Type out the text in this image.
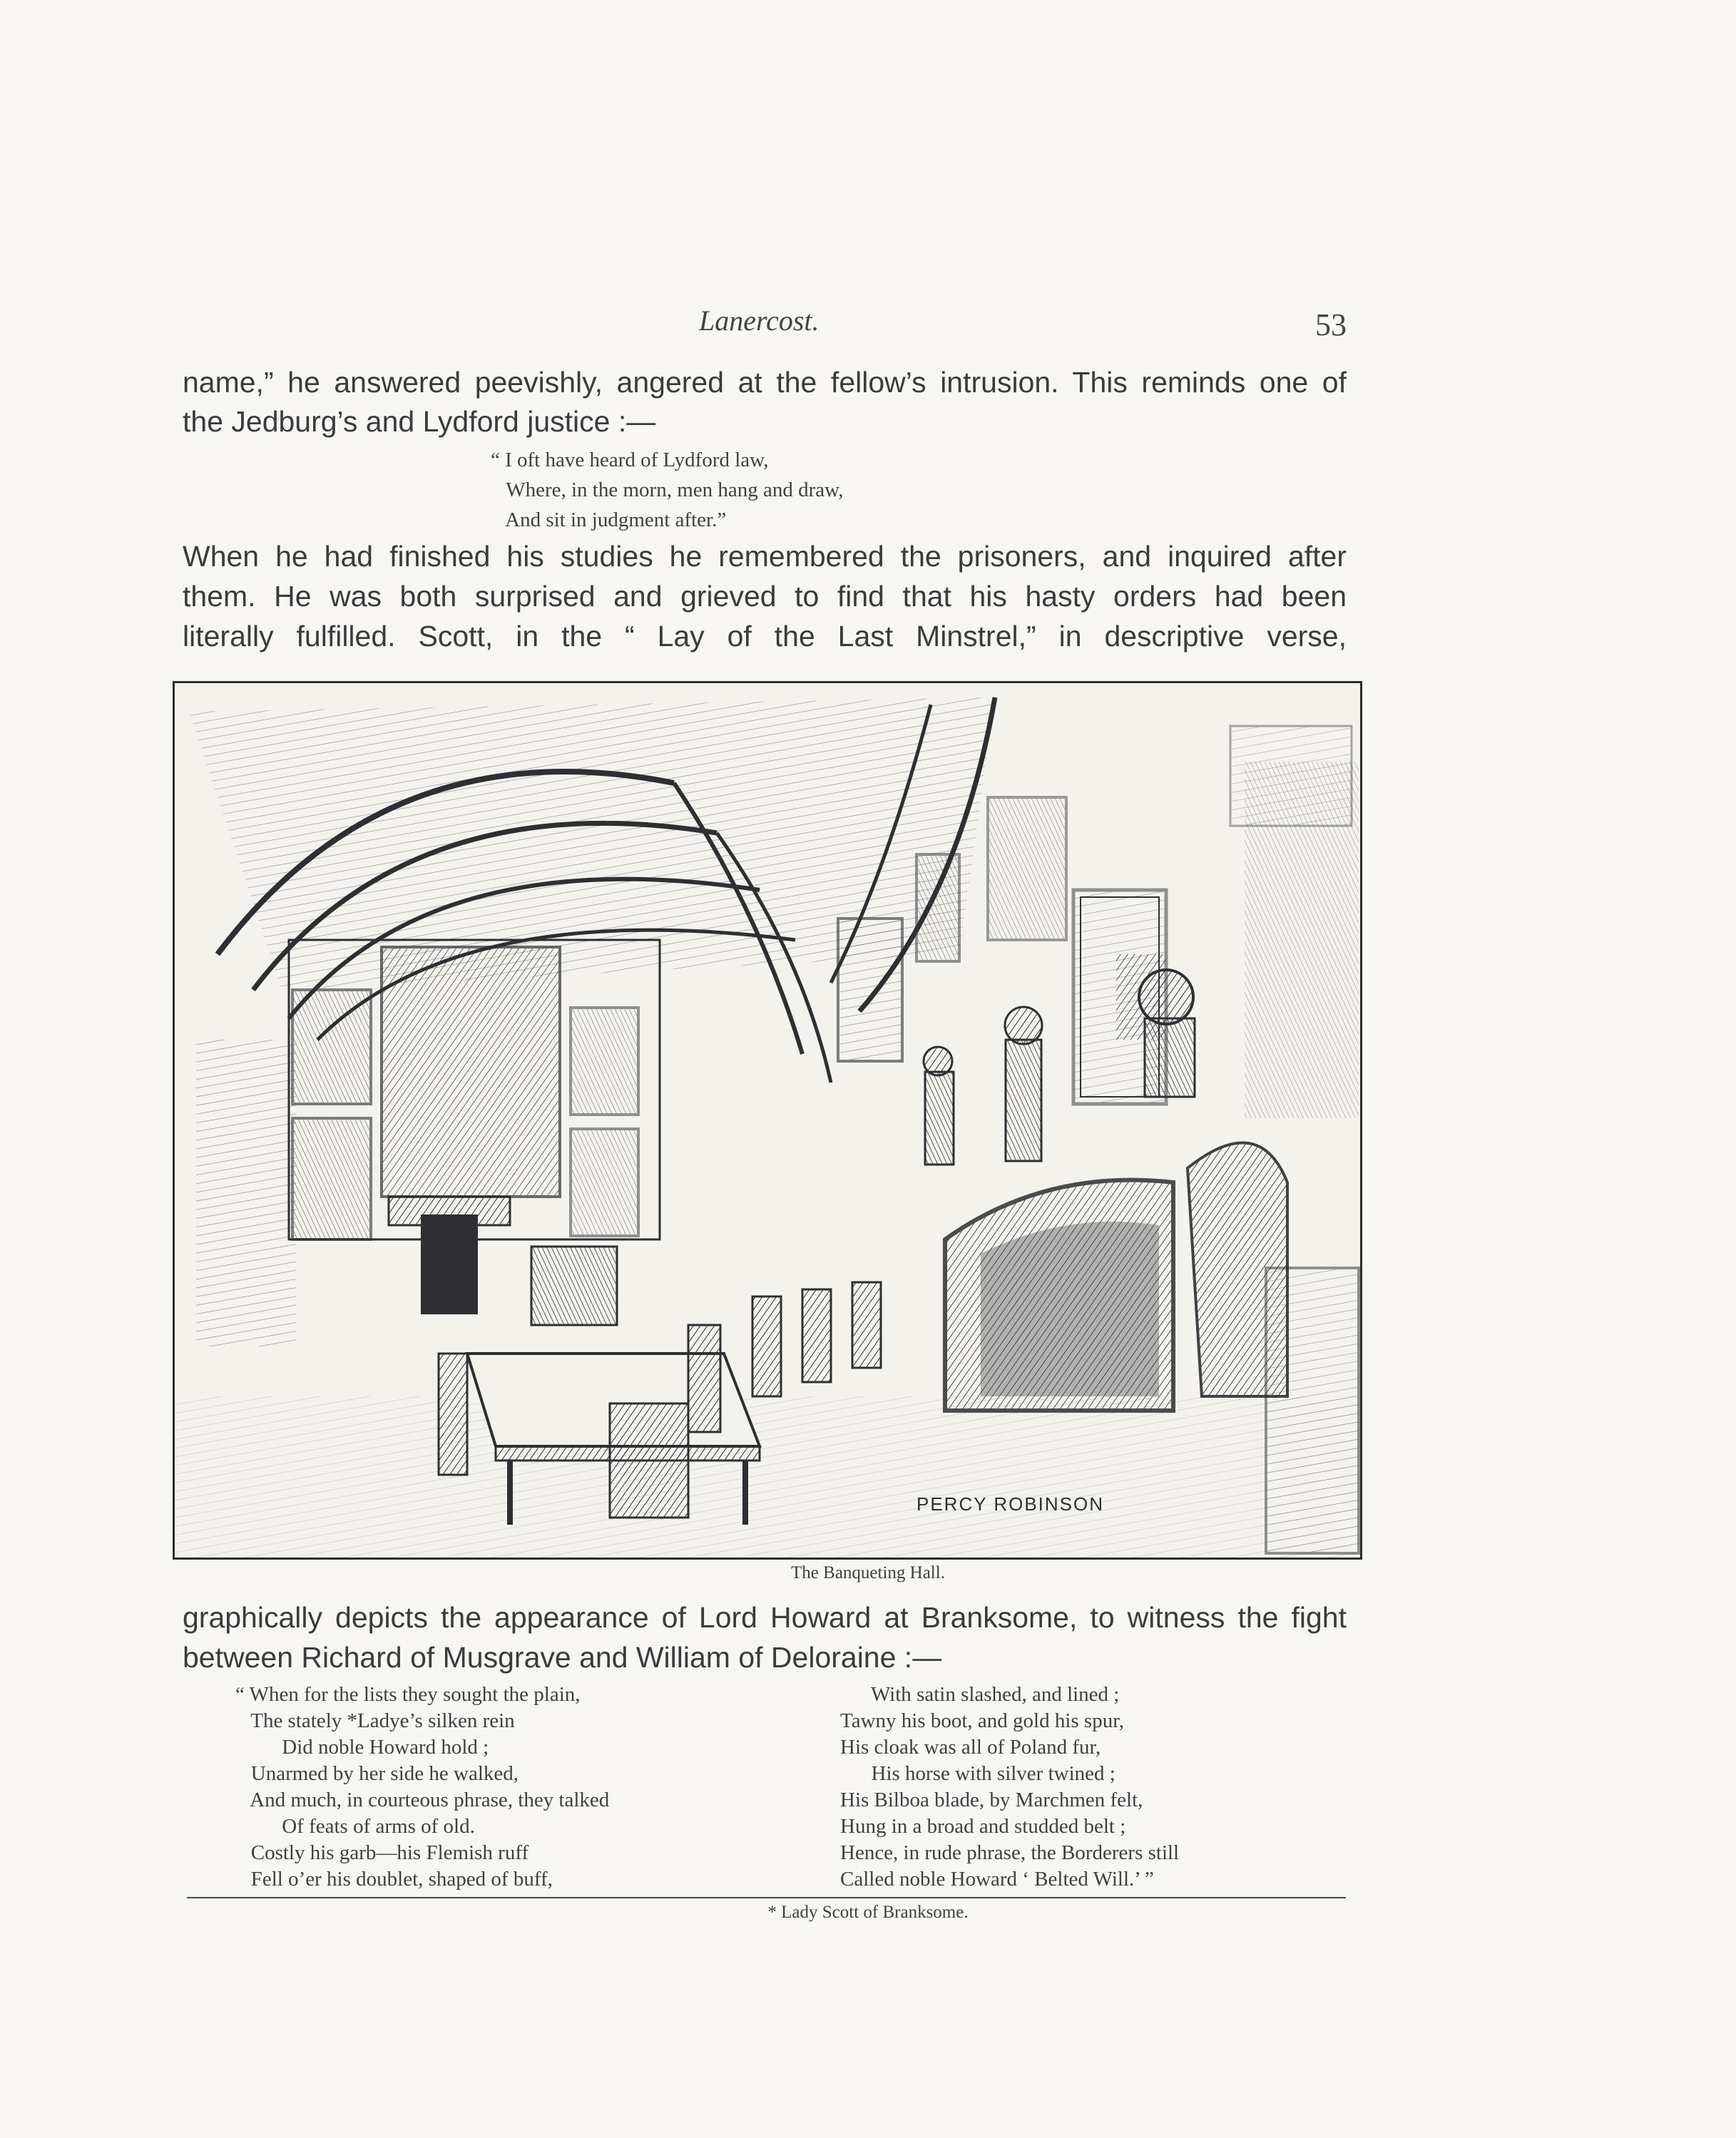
Lanercost.	53
name,” he answered peevishly, angered at the fellow’s intrusion. This reminds one of
the Jedburg’s and Lydford justice :—
“ I oft have heard of Lydford law,
Where, in the morn, men hang and draw,
And sit in judgment after.”
When he had finished his studies he remembered the prisoners, and inquired after
them. He was both surprised and grieved to find that his hasty orders had been
literally fulfilled. Scott, in the “ Lay of the Last Minstrel,” in descriptive verse,
PERCY ROBINSON
The Banqueting Hall.
graphically depicts the appearance of Lord Howard at Branksome, to witness the fight
between Richard of Musgrave and William of Deloraine :—
“ When for the lists they sought the plain,
The stately *Ladye’s silken rein
Did noble Howard hold ;
Unarmed by her side he walked,
And much, in courteous phrase, they talked
Of feats of arms of old.
Costly his garb—his Flemish ruff
Fell o’er his doublet, shaped of buff,
With satin slashed, and lined ;
Tawny his boot, and gold his spur,
His cloak was all of Poland fur,
His horse with silver twined ;
His Bilboa blade, by Marchmen felt,
Hung in a broad and studded belt ;
Hence, in rude phrase, the Borderers still
Called noble Howard ‘ Belted Will.’ ”
* Lady Scott of Branksome.
